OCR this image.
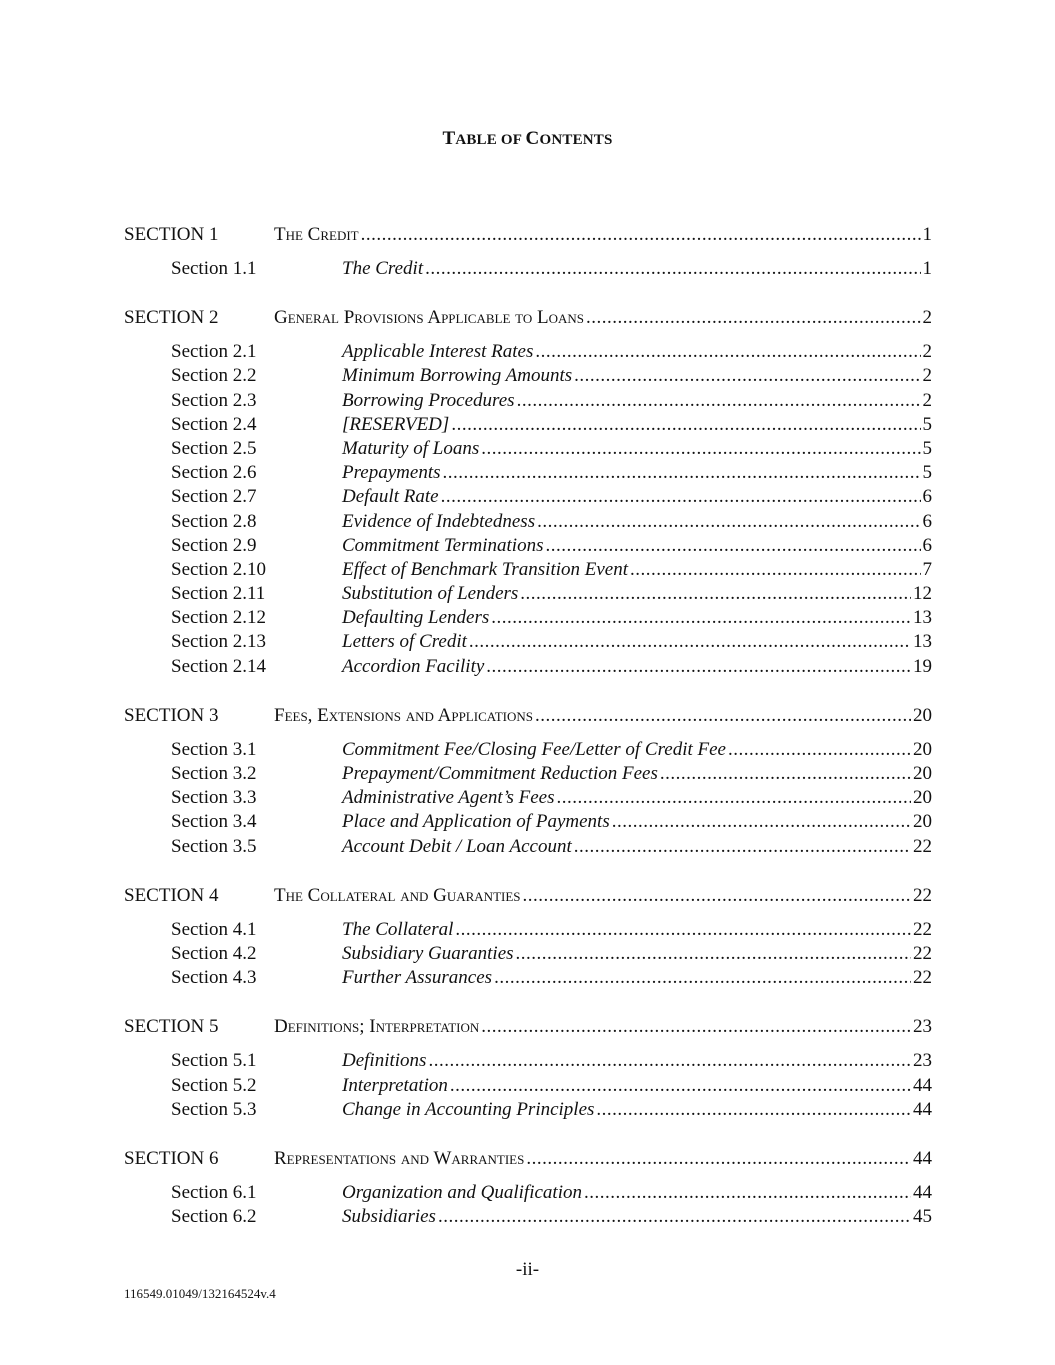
TABLE OF CONTENTS
SECTION 1	The Credit .....	1
Section 1.1	The Credit .....	1
SECTION 2	General Provisions Applicable to Loans .....	2
Section 2.1	Applicable Interest Rates .....	2
Section 2.2	Minimum Borrowing Amounts .....	2
Section 2.3	Borrowing Procedures .....	2
Section 2.4	[RESERVED] .....	5
Section 2.5	Maturity of Loans .....	5
Section 2.6	Prepayments .....	5
Section 2.7	Default Rate .....	6
Section 2.8	Evidence of Indebtedness .....	6
Section 2.9	Commitment Terminations .....	6
Section 2.10	Effect of Benchmark Transition Event .....	7
Section 2.11	Substitution of Lenders .....	12
Section 2.12	Defaulting Lenders .....	13
Section 2.13	Letters of Credit .....	13
Section 2.14	Accordion Facility .....	19
SECTION 3	Fees, Extensions and Applications .....	20
Section 3.1	Commitment Fee/Closing Fee/Letter of Credit Fee .....	20
Section 3.2	Prepayment/Commitment Reduction Fees .....	20
Section 3.3	Administrative Agent’s Fees .....	20
Section 3.4	Place and Application of Payments .....	20
Section 3.5	Account Debit / Loan Account .....	22
SECTION 4	The Collateral and Guaranties .....	22
Section 4.1	The Collateral .....	22
Section 4.2	Subsidiary Guaranties .....	22
Section 4.3	Further Assurances .....	22
SECTION 5	Definitions; Interpretation .....	23
Section 5.1	Definitions .....	23
Section 5.2	Interpretation .....	44
Section 5.3	Change in Accounting Principles .....	44
SECTION 6	Representations and Warranties .....	44
Section 6.1	Organization and Qualification .....	44
Section 6.2	Subsidiaries .....	45
-ii-
116549.01049/132164524v.4
